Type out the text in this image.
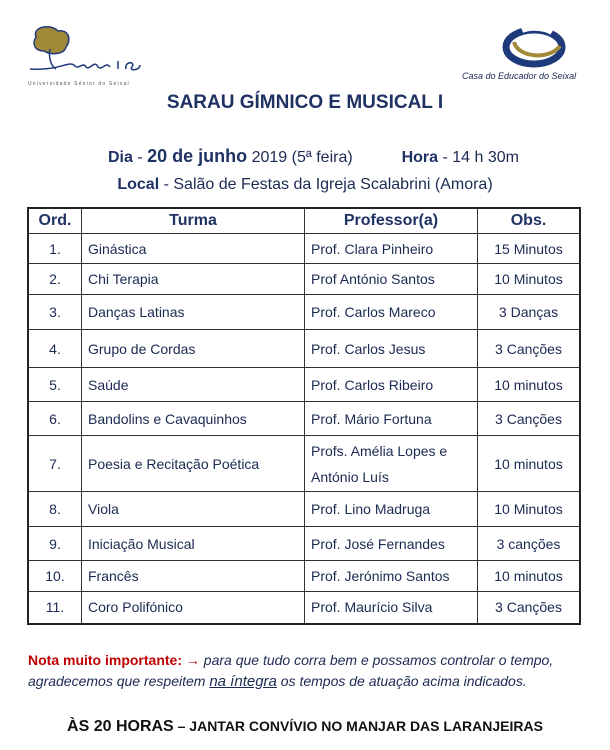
Universidade Sénior do Seixal
Casa do Educador do Seixal
SARAU GÍMNICO E MUSICAL I
Dia - 20 de junho 2019 (5ª feira)	Hora - 14 h 30m
Local - Salão de Festas da Igreja Scalabrini (Amora)
Ord.	Turma	Professor(a)	Obs.
1.	Ginástica	Prof. Clara Pinheiro	15 Minutos
2.	Chi Terapia	Prof António Santos	10 Minutos
3.	Danças Latinas	Prof. Carlos Mareco	3 Danças
4.	Grupo de Cordas	Prof. Carlos Jesus	3 Canções
5.	Saúde	Prof. Carlos Ribeiro	10 minutos
6.	Bandolins e Cavaquinhos	Prof. Mário Fortuna	3 Canções
7.	Poesia e Recitação Poética	Profs. Amélia Lopes e António Luís	10 minutos
8.	Viola	Prof. Lino Madruga	10 Minutos
9.	Iniciação Musical	Prof. José Fernandes	3 canções
10.	Francês	Prof. Jerónimo Santos	10 minutos
11.	Coro Polifónico	Prof. Maurício Silva	3 Canções
Nota muito importante: → para que tudo corra bem e possamos controlar o tempo, agradecemos que respeitem na íntegra os tempos de atuação acima indicados.
ÀS 20 HORAS – JANTAR CONVÍVIO NO MANJAR DAS LARANJEIRAS
